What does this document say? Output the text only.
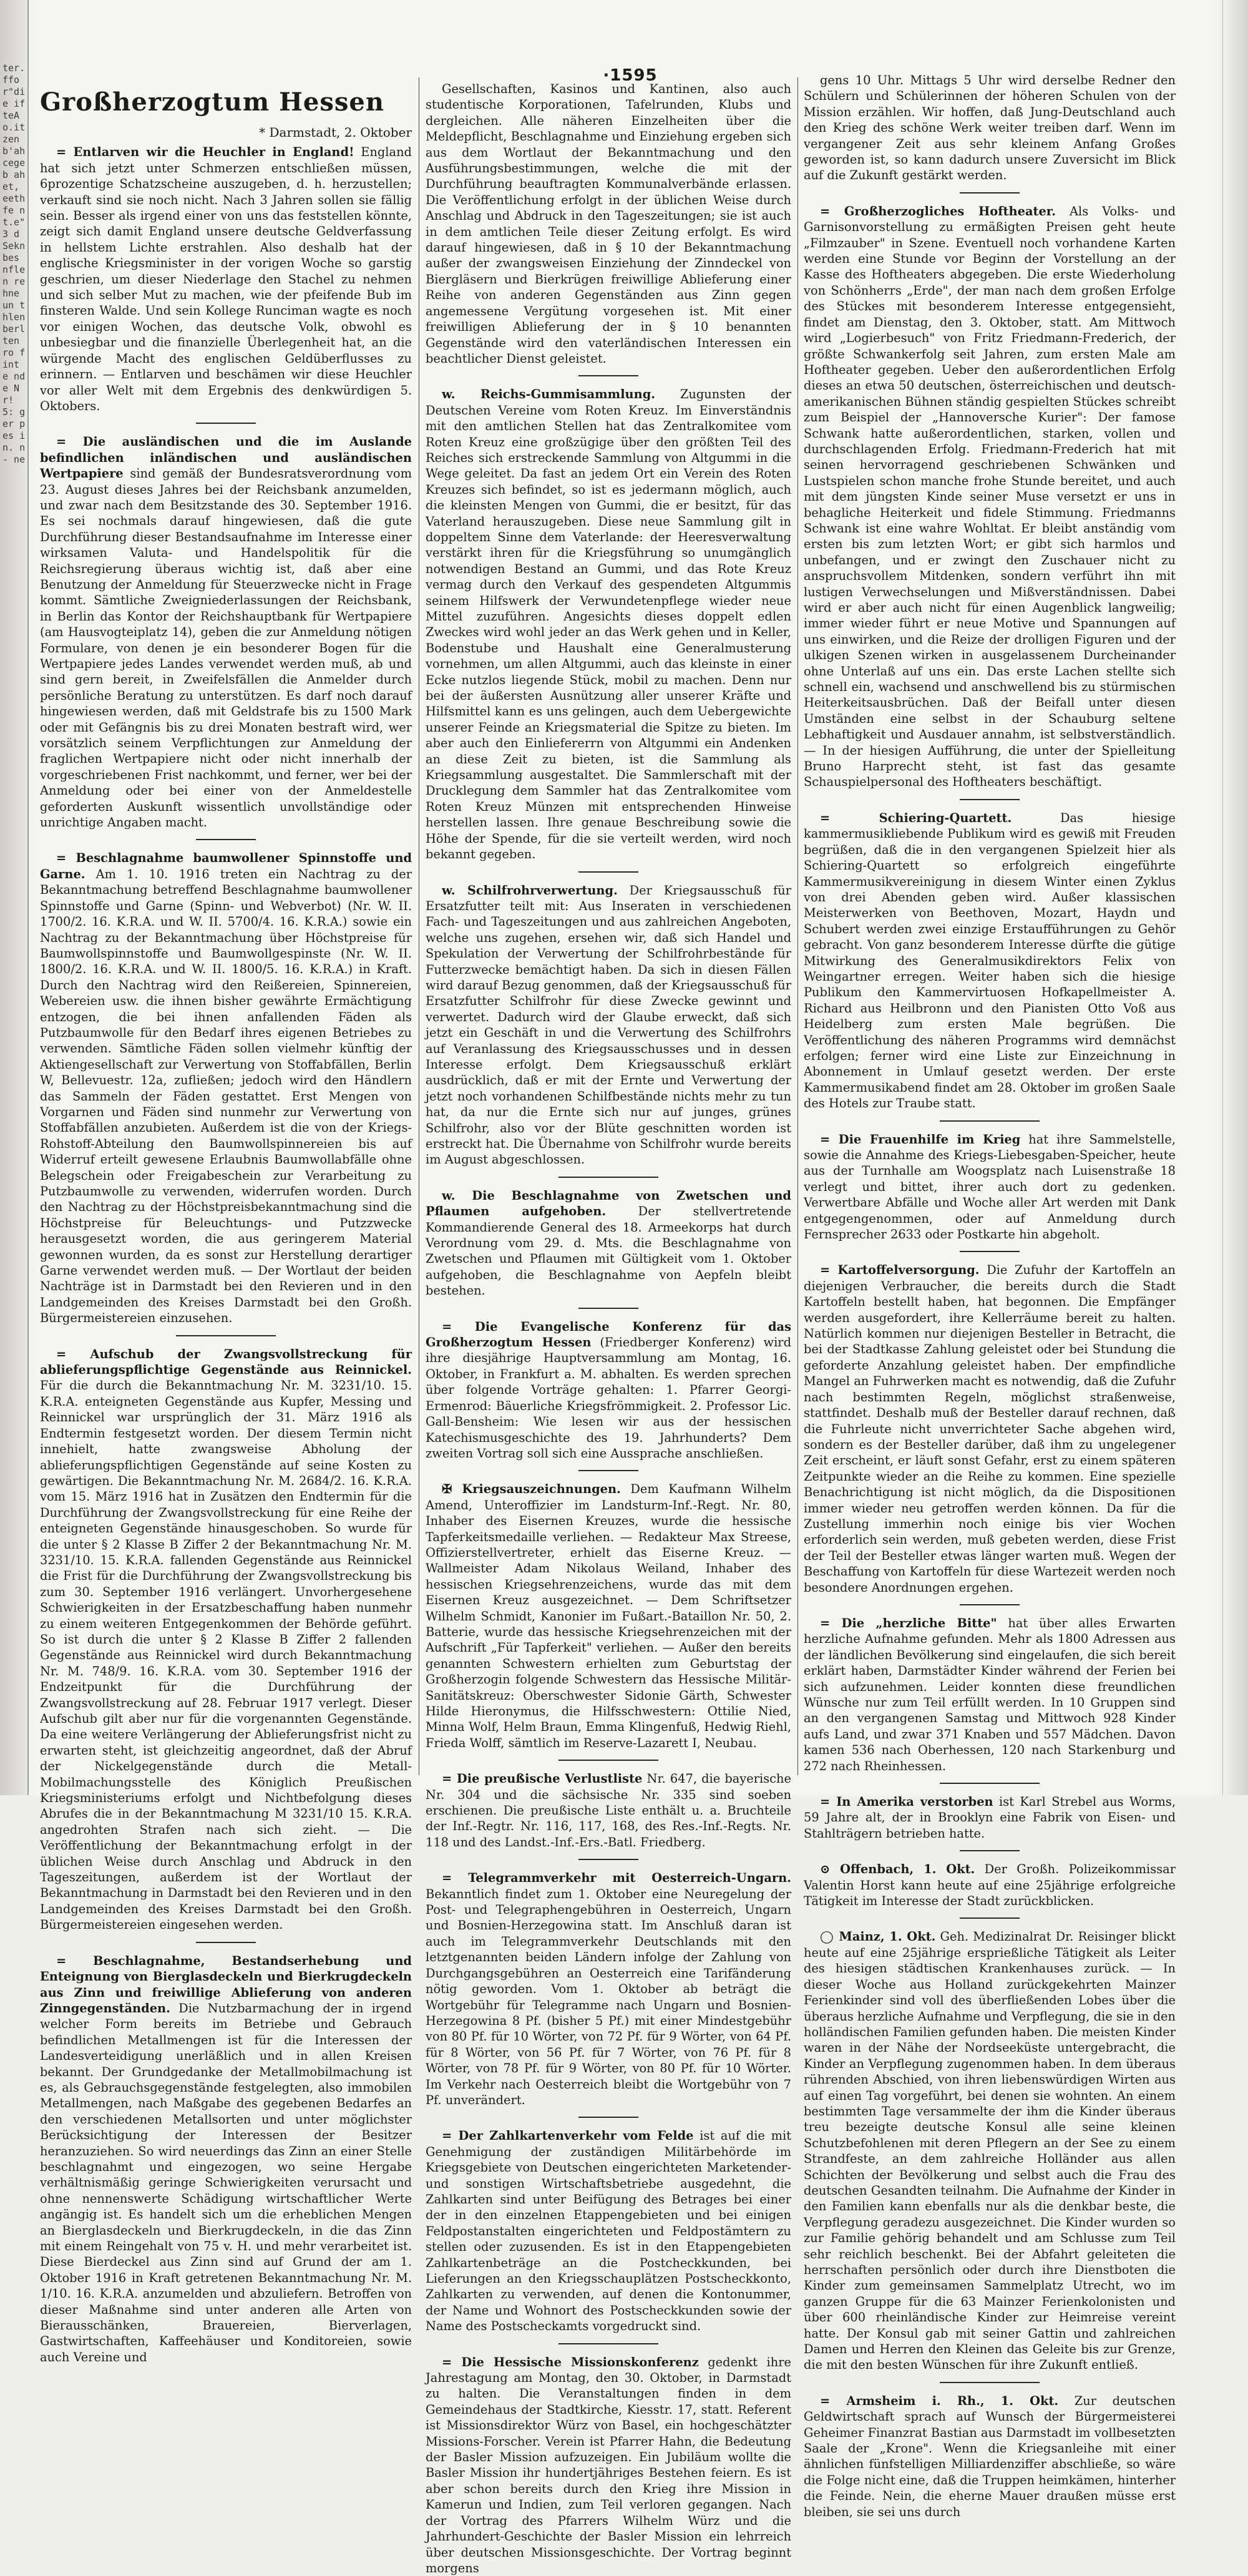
ter.ffo r"die ifteAo.itzenb'ahcegeb ahet, eeth fe nt.e" 3 d Sekn bes nflen rehne un thlen berlten ro fint e nde Nr! 5: ger pes in. n- ne
·1595
Großherzogtum Hessen
* Darmstadt, 2. Oktober

= Entlarven wir die Heuchler in England! England hat sich jetzt unter Schmerzen entschließen müssen, 6prozentige Schatzscheine auszugeben, d. h. herzustellen; verkauft sind sie noch nicht. Nach 3 Jahren sollen sie fällig sein. Besser als irgend einer von uns das feststellen könnte, zeigt sich damit England unsere deutsche Geldverfassung in hellstem Lichte erstrahlen. Also deshalb hat der englische Kriegsminister in der vorigen Woche so garstig geschrien, um dieser Niederlage den Stachel zu nehmen und sich selber Mut zu machen, wie der pfeifende Bub im finsteren Walde. Und sein Kollege Runciman wagte es noch vor einigen Wochen, das deutsche Volk, obwohl es unbesiegbar und die finanzielle Überlegenheit hat, an die würgende Macht des englischen Geldüberflusses zu erinnern. — Entlarven und beschämen wir diese Heuchler vor aller Welt mit dem Ergebnis des denkwürdigen 5. Oktobers.

= Die ausländischen und die im Auslande befindlichen inländischen und ausländischen Wertpapiere sind gemäß der Bundesratsverordnung vom 23. August dieses Jahres bei der Reichsbank anzumelden, und zwar nach dem Besitzstande des 30. September 1916. Es sei nochmals darauf hingewiesen, daß die gute Durchführung dieser Bestandsaufnahme im Interesse einer wirksamen Valuta- und Handelspolitik für die Reichsregierung überaus wichtig ist, daß aber eine Benutzung der Anmeldung für Steuerzwecke nicht in Frage kommt. Sämtliche Zweigniederlassungen der Reichsbank, in Berlin das Kontor der Reichshauptbank für Wertpapiere (am Hausvogteiplatz 14), geben die zur Anmeldung nötigen Formulare, von denen je ein besonderer Bogen für die Wertpapiere jedes Landes verwendet werden muß, ab und sind gern bereit, in Zweifelsfällen die Anmelder durch persönliche Beratung zu unterstützen. Es darf noch darauf hingewiesen werden, daß mit Geldstrafe bis zu 1500 Mark oder mit Gefängnis bis zu drei Monaten bestraft wird, wer vorsätzlich seinem Verpflichtungen zur Anmeldung der fraglichen Wertpapiere nicht oder nicht innerhalb der vorgeschriebenen Frist nachkommt, und ferner, wer bei der Anmeldung oder bei einer von der Anmeldestelle geforderten Auskunft wissentlich unvollständige oder unrichtige Angaben macht.

= Beschlagnahme baumwollener Spinnstoffe und Garne. Am 1. 10. 1916 treten ein Nachtrag zu der Bekanntmachung betreffend Beschlagnahme baumwollener Spinnstoffe und Garne (Spinn- und Webverbot) (Nr. W. II. 1700/2. 16. K.R.A. und W. II. 5700/4. 16. K.R.A.) sowie ein Nachtrag zu der Bekanntmachung über Höchstpreise für Baumwollspinnstoffe und Baumwollgespinste (Nr. W. II. 1800/2. 16. K.R.A. und W. II. 1800/5. 16. K.R.A.) in Kraft. Durch den Nachtrag wird den Reißereien, Spinnereien, Webereien usw. die ihnen bisher gewährte Ermächtigung entzogen, die bei ihnen anfallenden Fäden als Putzbaumwolle für den Bedarf ihres eigenen Betriebes zu verwenden. Sämtliche Fäden sollen vielmehr künftig der Aktiengesellschaft zur Verwertung von Stoffabfällen, Berlin W, Bellevuestr. 12a, zufließen; jedoch wird den Händlern das Sammeln der Fäden gestattet. Erst Mengen von Vorgarnen und Fäden sind nunmehr zur Verwertung von Stoffabfällen anzubieten. Außerdem ist die von der Kriegs-Rohstoff-Abteilung den Baumwollspinnereien bis auf Widerruf erteilt gewesene Erlaubnis Baumwollabfälle ohne Belegschein oder Freigabeschein zur Verarbeitung zu Putzbaumwolle zu verwenden, widerrufen worden. Durch den Nachtrag zu der Höchstpreisbekanntmachung sind die Höchstpreise für Beleuchtungs- und Putzzwecke herausgesetzt worden, die aus geringerem Material gewonnen wurden, da es sonst zur Herstellung derartiger Garne verwendet werden muß. — Der Wortlaut der beiden Nachträge ist in Darmstadt bei den Revieren und in den Landgemeinden des Kreises Darmstadt bei den Großh. Bürgermeistereien einzusehen.

= Aufschub der Zwangsvollstreckung für ablieferungspflichtige Gegenstände aus Reinnickel. Für die durch die Bekanntmachung Nr. M. 3231/10. 15. K.R.A. enteigneten Gegenstände aus Kupfer, Messing und Reinnickel war ursprünglich der 31. März 1916 als Endtermin festgesetzt worden. Der diesem Termin nicht innehielt, hatte zwangsweise Abholung der ablieferungspflichtigen Gegenstände auf seine Kosten zu gewärtigen. Die Bekanntmachung Nr. M. 2684/2. 16. K.R.A. vom 15. März 1916 hat in Zusätzen den Endtermin für die Durchführung der Zwangsvollstreckung für eine Reihe der enteigneten Gegenstände hinausgeschoben. So wurde für die unter § 2 Klasse B Ziffer 2 der Bekanntmachung Nr. M. 3231/10. 15. K.R.A. fallenden Gegenstände aus Reinnickel die Frist für die Durchführung der Zwangsvollstreckung bis zum 30. September 1916 verlängert. Unvorhergesehene Schwierigkeiten in der Ersatzbeschaffung haben nunmehr zu einem weiteren Entgegenkommen der Behörde geführt. So ist durch die unter § 2 Klasse B Ziffer 2 fallenden Gegenstände aus Reinnickel wird durch Bekanntmachung Nr. M. 748/9. 16. K.R.A. vom 30. September 1916 der Endzeitpunkt für die Durchführung der Zwangsvollstreckung auf 28. Februar 1917 verlegt. Dieser Aufschub gilt aber nur für die vorgenannten Gegenstände. Da eine weitere Verlängerung der Ablieferungsfrist nicht zu erwarten steht, ist gleichzeitig angeordnet, daß der Abruf der Nickelgegenstände durch die Metall-Mobilmachungsstelle des Königlich Preußischen Kriegsministeriums erfolgt und Nichtbefolgung dieses Abrufes die in der Bekanntmachung M 3231/10 15. K.R.A. angedrohten Strafen nach sich zieht. — Die Veröffentlichung der Bekanntmachung erfolgt in der üblichen Weise durch Anschlag und Abdruck in den Tageszeitungen, außerdem ist der Wortlaut der Bekanntmachung in Darmstadt bei den Revieren und in den Landgemeinden des Kreises Darmstadt bei den Großh. Bürgermeistereien eingesehen werden.

= Beschlagnahme, Bestandserhebung und Enteignung von Bierglasdeckeln und Bierkrugdeckeln aus Zinn und freiwillige Ablieferung von anderen Zinngegenständen. Die Nutzbarmachung der in irgend welcher Form bereits im Betriebe und Gebrauch befindlichen Metallmengen ist für die Interessen der Landesverteidigung unerläßlich und in allen Kreisen bekannt. Der Grundgedanke der Metallmobilmachung ist es, als Gebrauchsgegenstände festgelegten, also immobilen Metallmengen, nach Maßgabe des gegebenen Bedarfes an den verschiedenen Metallsorten und unter möglichster Berücksichtigung der Interessen der Besitzer heranzuziehen. So wird neuerdings das Zinn an einer Stelle beschlagnahmt und eingezogen, wo seine Hergabe verhältnismäßig geringe Schwierigkeiten verursacht und ohne nennenswerte Schädigung wirtschaftlicher Werte angängig ist. Es handelt sich um die erheblichen Mengen an Bierglasdeckeln und Bierkrugdeckeln, in die das Zinn mit einem Reingehalt von 75 v. H. und mehr verarbeitet ist. Diese Bierdeckel aus Zinn sind auf Grund der am 1. Oktober 1916 in Kraft getretenen Bekanntmachung Nr. M. 1/10. 16. K.R.A. anzumelden und abzuliefern. Betroffen von dieser Maßnahme sind unter anderen alle Arten von Bierausschänken, Brauereien, Bierverlagen, Gastwirtschaften, Kaffeehäuser und Konditoreien, sowie auch Vereine und

Gesellschaften, Kasinos und Kantinen, also auch studentische Korporationen, Tafelrunden, Klubs und dergleichen. Alle näheren Einzelheiten über die Meldepflicht, Beschlagnahme und Einziehung ergeben sich aus dem Wortlaut der Bekanntmachung und den Ausführungsbestimmungen, welche die mit der Durchführung beauftragten Kommunalverbände erlassen. Die Veröffentlichung erfolgt in der üblichen Weise durch Anschlag und Abdruck in den Tageszeitungen; sie ist auch in dem amtlichen Teile dieser Zeitung erfolgt. Es wird darauf hingewiesen, daß in § 10 der Bekanntmachung außer der zwangsweisen Einziehung der Zinndeckel von Biergläsern und Bierkrügen freiwillige Ablieferung einer Reihe von anderen Gegenständen aus Zinn gegen angemessene Vergütung vorgesehen ist. Mit einer freiwilligen Ablieferung der in § 10 benannten Gegenstände wird den vaterländischen Interessen ein beachtlicher Dienst geleistet.

w. Reichs-Gummisammlung. Zugunsten der Deutschen Vereine vom Roten Kreuz. Im Einverständnis mit den amtlichen Stellen hat das Zentralkomitee vom Roten Kreuz eine großzügige über den größten Teil des Reiches sich erstreckende Sammlung von Altgummi in die Wege geleitet. Da fast an jedem Ort ein Verein des Roten Kreuzes sich befindet, so ist es jedermann möglich, auch die kleinsten Mengen von Gummi, die er besitzt, für das Vaterland herauszugeben. Diese neue Sammlung gilt in doppeltem Sinne dem Vaterlande: der Heeresverwaltung verstärkt ihren für die Kriegsführung so unumgänglich notwendigen Bestand an Gummi, und das Rote Kreuz vermag durch den Verkauf des gespendeten Altgummis seinem Hilfswerk der Verwundetenpflege wieder neue Mittel zuzuführen. Angesichts dieses doppelt edlen Zweckes wird wohl jeder an das Werk gehen und in Keller, Bodenstube und Haushalt eine Generalmusterung vornehmen, um allen Altgummi, auch das kleinste in einer Ecke nutzlos liegende Stück, mobil zu machen. Denn nur bei der äußersten Ausnützung aller unserer Kräfte und Hilfsmittel kann es uns gelingen, auch dem Uebergewichte unserer Feinde an Kriegsmaterial die Spitze zu bieten. Im aber auch den Einliefererrn von Altgummi ein Andenken an diese Zeit zu bieten, ist die Sammlung als Kriegsammlung ausgestaltet. Die Sammlerschaft mit der Drucklegung dem Sammler hat das Zentralkomitee vom Roten Kreuz Münzen mit entsprechenden Hinweise herstellen lassen. Ihre genaue Beschreibung sowie die Höhe der Spende, für die sie verteilt werden, wird noch bekannt gegeben.

w. Schilfrohrverwertung. Der Kriegsausschuß für Ersatzfutter teilt mit: Aus Inseraten in verschiedenen Fach- und Tageszeitungen und aus zahlreichen Angeboten, welche uns zugehen, ersehen wir, daß sich Handel und Spekulation der Verwertung der Schilfrohrbestände für Futterzwecke bemächtigt haben. Da sich in diesen Fällen wird darauf Bezug genommen, daß der Kriegsausschuß für Ersatzfutter Schilfrohr für diese Zwecke gewinnt und verwertet. Dadurch wird der Glaube erweckt, daß sich jetzt ein Geschäft in und die Verwertung des Schilfrohrs auf Veranlassung des Kriegsausschusses und in dessen Interesse erfolgt. Dem Kriegsausschuß erklärt ausdrücklich, daß er mit der Ernte und Verwertung der jetzt noch vorhandenen Schilfbestände nichts mehr zu tun hat, da nur die Ernte sich nur auf junges, grünes Schilfrohr, also vor der Blüte geschnitten worden ist erstreckt hat. Die Übernahme von Schilfrohr wurde bereits im August abgeschlossen.

w. Die Beschlagnahme von Zwetschen und Pflaumen aufgehoben.	Der stellvertretende Kommandierende General des 18. Armeekorps hat durch Verordnung vom 29. d. Mts. die Beschlagnahme von Zwetschen und Pflaumen mit Gültigkeit vom 1. Oktober aufgehoben, die Beschlagnahme von Aepfeln bleibt bestehen.

= Die Evangelische Konferenz für das Großherzogtum Hessen (Friedberger Konferenz) wird ihre diesjährige Hauptversammlung am Montag, 16. Oktober, in Frankfurt a. M. abhalten. Es werden sprechen über folgende Vorträge gehalten: 1. Pfarrer Georgi-Ermenrod: Bäuerliche Kriegsfrömmigkeit. 2. Professor Lic. Gall-Bensheim: Wie lesen wir aus der hessischen Katechismusgeschichte des 19. Jahrhunderts? Dem zweiten Vortrag soll sich eine Aussprache anschließen.

✠ Kriegsauszeichnungen. Dem Kaufmann Wilhelm Amend, Unteroffizier im Landsturm-Inf.-Regt. Nr. 80, Inhaber des Eisernen Kreuzes, wurde die hessische Tapferkeitsmedaille verliehen. — Redakteur Max Streese, Offizierstellvertreter, erhielt das Eiserne Kreuz. — Wallmeister Adam Nikolaus Weiland, Inhaber des hessischen Kriegsehrenzeichens, wurde das mit dem Eisernen Kreuz ausgezeichnet. — Dem Schriftsetzer Wilhelm Schmidt, Kanonier im Fußart.-Bataillon Nr. 50, 2. Batterie, wurde das hessische Kriegsehrenzeichen mit der Aufschrift „Für Tapferkeit" verliehen. — Außer den bereits genannten Schwestern erhielten zum Geburtstag der Großherzogin folgende Schwestern das Hessische Militär-Sanitätskreuz: Oberschwester Sidonie Gärth, Schwester Hilde Hieronymus, die Hilfsschwestern: Ottilie Nied, Minna Wolf, Helm Braun, Emma Klingenfuß, Hedwig Riehl, Frieda Wolff, sämtlich im Reserve-Lazarett I, Neubau.

= Die preußische Verlustliste Nr. 647, die bayerische Nr. 304 und die sächsische Nr. 335 sind soeben erschienen. Die preußische Liste enthält u. a. Bruchteile der Inf.-Regtr. Nr. 116, 117, 168, des Res.-Inf.-Regts. Nr. 118 und des Landst.-Inf.-Ers.-Batl. Friedberg.

= Telegrammverkehr mit Oesterreich-Ungarn. Bekanntlich findet zum 1. Oktober eine Neuregelung der Post- und Telegraphengebühren in Oesterreich, Ungarn und Bosnien-Herzegowina statt. Im Anschluß daran ist auch im Telegrammverkehr Deutschlands mit den letztgenannten beiden Ländern infolge der Zahlung von Durchgangsgebühren an Oesterreich eine Tarifänderung nötig geworden. Vom 1. Oktober ab beträgt die Wortgebühr für Telegramme nach Ungarn und Bosnien-Herzegowina 8 Pf. (bisher 5 Pf.) mit einer Mindestgebühr von 80 Pf. für 10 Wörter, von 72 Pf. für 9 Wörter, von 64 Pf. für 8 Wörter, von 56 Pf. für 7 Wörter, von 76 Pf. für 8 Wörter, von 78 Pf. für 9 Wörter, von 80 Pf. für 10 Wörter. Im Verkehr nach Oesterreich bleibt die Wortgebühr von 7 Pf. unverändert.

= Der Zahlkartenverkehr vom Felde ist auf die mit Genehmigung der zuständigen Militärbehörde im Kriegsgebiete von Deutschen eingerichteten Marketender- und sonstigen Wirtschaftsbetriebe ausgedehnt, die Zahlkarten sind unter Beifügung des Betrages bei einer der in den einzelnen Etappengebieten und bei einigen Feldpostanstalten eingerichteten und Feldpostämtern zu stellen oder zuzusenden. Es ist in den Etappengebieten Zahlkartenbeträge an die Postcheckkunden, bei Lieferungen an den Kriegsschauplätzen Postscheckkonto, Zahlkarten zu verwenden, auf denen die Kontonummer, der Name und Wohnort des Postscheckkunden sowie der Name des Postscheckamts vorgedruckt sind.

= Die Hessische Missionskonferenz gedenkt ihre Jahrestagung am Montag, den 30. Oktober, in Darmstadt zu halten. Die Veranstaltungen finden in dem Gemeindehaus der Stadtkirche, Kiesstr. 17, statt. Referent ist Missionsdirektor Würz von Basel, ein hochgeschätzter Missions-Forscher. Verein ist Pfarrer Hahn, die Bedeutung der Basler Mission aufzuzeigen. Ein Jubiläum wollte die Basler Mission ihr hundertjähriges Bestehen feiern. Es ist aber schon bereits durch den Krieg ihre Mission in Kamerun und Indien, zum Teil verloren gegangen. Nach der Vortrag des Pfarrers Wilhelm Würz und die Jahrhundert-Geschichte der Basler Mission ein lehrreich über deutschen Missionsgeschichte. Der Vortrag beginnt morgens

gens 10 Uhr. Mittags 5 Uhr wird derselbe Redner den Schülern und Schülerinnen der höheren Schulen von der Mission erzählen. Wir hoffen, daß Jung-Deutschland auch den Krieg des schöne Werk weiter treiben darf. Wenn im vergangener Zeit aus sehr kleinem Anfang Großes geworden ist, so kann dadurch unsere Zuversicht im Blick auf die Zukunft gestärkt werden.

= Großherzogliches Hoftheater. Als Volks- und Garnisonvorstellung zu ermäßigten Preisen geht heute „Filmzauber" in Szene. Eventuell noch vorhandene Karten werden eine Stunde vor Beginn der Vorstellung an der Kasse des Hoftheaters abgegeben. Die erste Wiederholung von Schönherrs „Erde", der man nach dem großen Erfolge des Stückes mit besonderem Interesse entgegensieht, findet am Dienstag, den 3. Oktober, statt. Am Mittwoch wird „Logierbesuch" von Fritz Friedmann-Frederich, der größte Schwankerfolg seit Jahren, zum ersten Male am Hoftheater gegeben. Ueber den außerordentlichen Erfolg dieses an etwa 50 deutschen, österreichischen und deutsch-amerikanischen Bühnen ständig gespielten Stückes schreibt zum Beispiel der „Hannoversche Kurier": Der famose Schwank hatte außerordentlichen, starken, vollen und durchschlagenden Erfolg. Friedmann-Frederich hat mit seinen hervorragend geschriebenen Schwänken und Lustspielen schon manche frohe Stunde bereitet, und auch mit dem jüngsten Kinde seiner Muse versetzt er uns in behagliche Heiterkeit und fidele Stimmung. Friedmanns Schwank ist eine wahre Wohltat. Er bleibt anständig vom ersten bis zum letzten Wort; er gibt sich harmlos und unbefangen, und er zwingt den Zuschauer nicht zu anspruchsvollem Mitdenken, sondern verführt ihn mit lustigen Verwechselungen und Mißverständnissen. Dabei wird er aber auch nicht für einen Augenblick langweilig; immer wieder führt er neue Motive und Spannungen auf uns einwirken, und die Reize der drolligen Figuren und der ulkigen Szenen wirken in ausgelassenem Durcheinander ohne Unterlaß auf uns ein. Das erste Lachen stellte sich schnell ein, wachsend und anschwellend bis zu stürmischen Heiterkeitsausbrüchen. Daß der Beifall unter diesen Umständen eine selbst in der Schauburg seltene Lebhaftigkeit und Ausdauer annahm, ist selbstverständlich. — In der hiesigen Aufführung, die unter der Spielleitung Bruno Harprecht steht, ist fast das gesamte Schauspielpersonal des Hoftheaters beschäftigt.

= Schiering-Quartett.	Das hiesige kammermusikliebende Publikum wird es gewiß mit Freuden begrüßen, daß die in den vergangenen Spielzeit hier als Schiering-Quartett so erfolgreich eingeführte Kammermusikvereinigung in diesem Winter einen Zyklus von drei Abenden geben wird. Außer klassischen Meisterwerken von Beethoven, Mozart, Haydn und Schubert werden zwei einzige Erstaufführungen zu Gehör gebracht. Von ganz besonderem Interesse dürfte die gütige Mitwirkung des Generalmusikdirektors Felix von Weingartner erregen. Weiter haben sich die hiesige Publikum den Kammervirtuosen Hofkapellmeister A. Richard aus Heilbronn und den Pianisten Otto Voß aus Heidelberg zum ersten Male begrüßen. Die Veröffentlichung des näheren Programms wird demnächst erfolgen; ferner wird eine Liste zur Einzeichnung in Abonnement in Umlauf gesetzt werden. Der erste Kammermusikabend findet am 28. Oktober im großen Saale des Hotels zur Traube statt.

= Die Frauenhilfe im Krieg hat ihre Sammelstelle, sowie die Annahme des Kriegs-Liebesgaben-Speicher, heute aus der Turnhalle am Woogsplatz nach Luisenstraße 18 verlegt und bittet, ihrer auch dort zu gedenken. Verwertbare Abfälle und Woche aller Art werden mit Dank entgegengenommen, oder auf Anmeldung durch Fernsprecher 2633 oder Postkarte hin abgeholt.

= Kartoffelversorgung. Die Zufuhr der Kartoffeln an diejenigen Verbraucher, die bereits durch die Stadt Kartoffeln bestellt haben, hat begonnen. Die Empfänger werden ausgefordert, ihre Kellerräume bereit zu halten. Natürlich kommen nur diejenigen Besteller in Betracht, die bei der Stadtkasse Zahlung geleistet oder bei Stundung die geforderte Anzahlung geleistet haben. Der empfindliche Mangel an Fuhrwerken macht es notwendig, daß die Zufuhr nach bestimmten Regeln, möglichst straßenweise, stattfindet. Deshalb muß der Besteller darauf rechnen, daß die Fuhrleute nicht unverrichteter Sache abgehen wird, sondern es der Besteller darüber, daß ihm zu ungelegener Zeit erscheint, er läuft sonst Gefahr, erst zu einem späteren Zeitpunkte wieder an die Reihe zu kommen. Eine spezielle Benachrichtigung ist nicht möglich, da die Dispositionen immer wieder neu getroffen werden können. Da für die Zustellung immerhin noch einige bis vier Wochen erforderlich sein werden, muß gebeten werden, diese Frist der Teil der Besteller etwas länger warten muß. Wegen der Beschaffung von Kartoffeln für diese Wartezeit werden noch besondere Anordnungen ergehen.

= Die „herzliche Bitte" hat über alles Erwarten herzliche Aufnahme gefunden. Mehr als 1800 Adressen aus der ländlichen Bevölkerung sind eingelaufen, die sich bereit erklärt haben, Darmstädter Kinder während der Ferien bei sich aufzunehmen. Leider konnten diese freundlichen Wünsche nur zum Teil erfüllt werden. In 10 Gruppen sind an den vergangenen Samstag und Mittwoch 928 Kinder aufs Land, und zwar 371 Knaben und 557 Mädchen. Davon kamen 536 nach Oberhessen, 120 nach Starkenburg und 272 nach Rheinhessen.

= In Amerika verstorben ist Karl Strebel aus Worms, 59 Jahre alt, der in Brooklyn eine Fabrik von Eisen- und Stahlträgern betrieben hatte.

⊙ Offenbach, 1. Okt. Der Großh. Polizeikommissar Valentin Horst kann heute auf eine 25jährige erfolgreiche Tätigkeit im Interesse der Stadt zurückblicken.

◯ Mainz, 1. Okt. Geh. Medizinalrat Dr. Reisinger blickt heute auf eine 25jährige ersprießliche Tätigkeit als Leiter des hiesigen städtischen Krankenhauses zurück. — In dieser Woche aus Holland zurückgekehrten Mainzer Ferienkinder sind voll des überfließenden Lobes über die überaus herzliche Aufnahme und Verpflegung, die sie in den holländischen Familien gefunden haben. Die meisten Kinder waren in der Nähe der Nordseeküste untergebracht, die Kinder an Verpflegung zugenommen haben. In dem überaus rührenden Abschied, von ihren liebenswürdigen Wirten aus auf einen Tag vorgeführt, bei denen sie wohnten. An einem bestimmten Tage versammelte der ihm die Kinder überaus treu bezeigte deutsche Konsul alle seine kleinen Schutzbefohlenen mit deren Pflegern an der See zu einem Strandfeste, an dem zahlreiche Holländer aus allen Schichten der Bevölkerung und selbst auch die Frau des deutschen Gesandten teilnahm. Die Aufnahme der Kinder in den Familien kann ebenfalls nur als die denkbar beste, die Verpflegung geradezu ausgezeichnet. Die Kinder wurden so zur Familie gehörig behandelt und am Schlusse zum Teil sehr reichlich beschenkt. Bei der Abfahrt geleiteten die herrschaften persönlich oder durch ihre Dienstboten die Kinder zum gemeinsamen Sammelplatz Utrecht, wo im ganzen Gruppe für die 63 Mainzer Ferienkolonisten und über 600 rheinländische Kinder zur Heimreise vereint hatte. Der Konsul gab mit seiner Gattin und zahlreichen Damen und Herren den Kleinen das Geleite bis zur Grenze, die mit den besten Wünschen für ihre Zukunft entließ.

= Armsheim i. Rh., 1. Okt. Zur deutschen Geldwirtschaft sprach auf Wunsch der Bürgermeisterei Geheimer Finanzrat Bastian aus Darmstadt im vollbesetzten Saale der „Krone". Wenn die Kriegsanleihe mit einer ähnlichen fünfstelligen Milliardenziffer abschließe, so wäre die Folge nicht eine, daß die Truppen heimkämen, hinterher die Feinde. Nein, die eherne Mauer draußen müsse erst bleiben, sie sei uns durch
